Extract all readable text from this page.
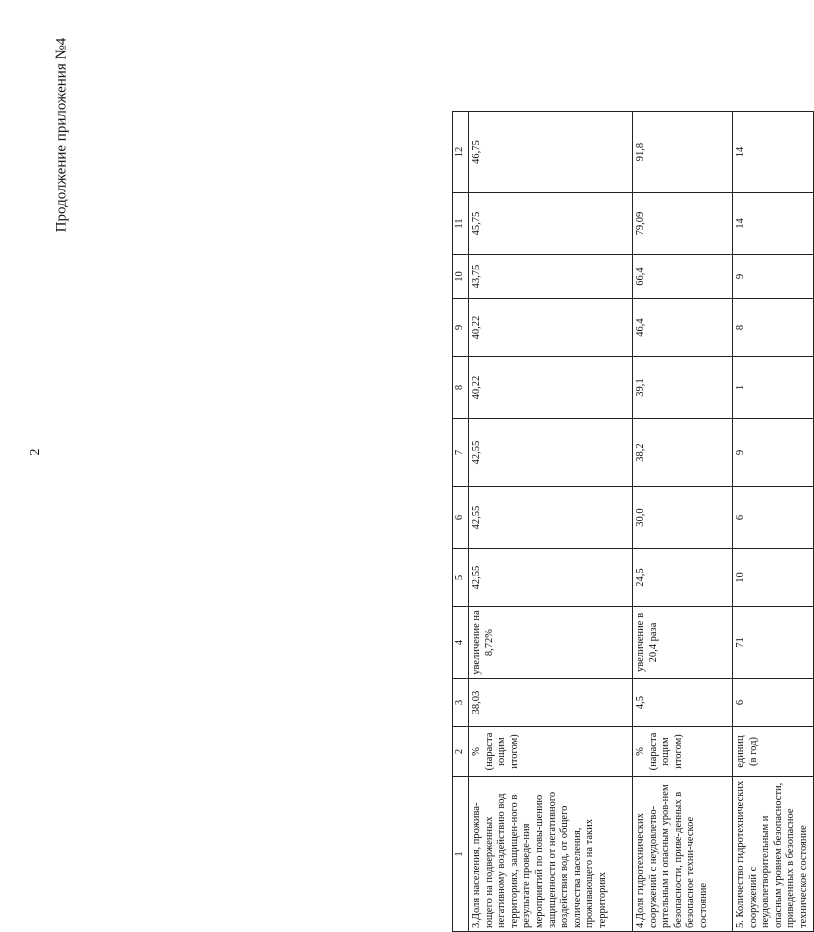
2
Продолжение приложения №4
1	2	3	4	5	6	7	8	9	10	11	12
3.Доля населения, прожива-ющего на подверженных негативному воздействию вод территориях, защищен-ного в результате проведе-ния мероприятий по повы-шению защищенности от негативного воздействия вод, от общего количества населения, проживающего на таких территориях	% (нараста ющим итогом)	38,03	увеличение на 8,72%	42,55	42,55	42,55	40,22	40,22	43,75	45,75	46,75
4.Доля гидротехнических сооружений с неудовлетво-рительным и опасным уров-нем безопасности, приве-денных в безопасное техни-ческое состояние	% (нараста ющим итогом)	4,5	увеличение в 20,4 раза	24,5	30,0	38,2	39,1	46,4	66,4	79,09	91,8
5. Количество гидротехнических сооружений с неудовлетворительным и опасным уровнем безопасности, приведенных в безопасное техническое состояние	единиц (в год)	6	71	10	6	9	1	8	9	14	14
